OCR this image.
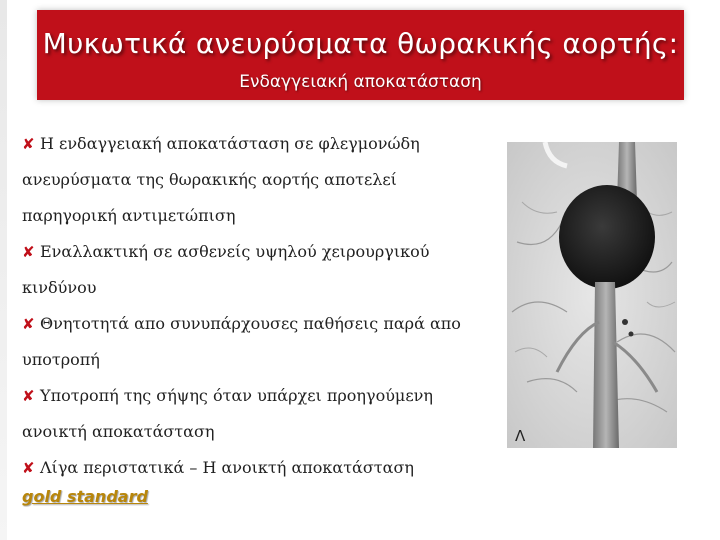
Μυκωτικά ανευρύσματα θωρακικής αορτής:
Ενδαγγειακή αποκατάσταση

✘ Η ενδαγγειακή αποκατάσταση σε φλεγμονώδη ανευρύσματα της θωρακικής αορτής αποτελεί παρηγορική αντιμετώπιση

✘ Εναλλακτική σε ασθενείς υψηλού χειρουργικού κινδύνου

✘ Θνητοτητά απο συνυπάρχουσες παθήσεις παρά απο υποτροπή

✘ Υποτροπή της σήψης όταν υπάρχει προηγούμενη ανοικτή αποκατάσταση

✘ Λίγα περιστατικά – Η ανοικτή αποκατάσταση

gold standard
Λ
